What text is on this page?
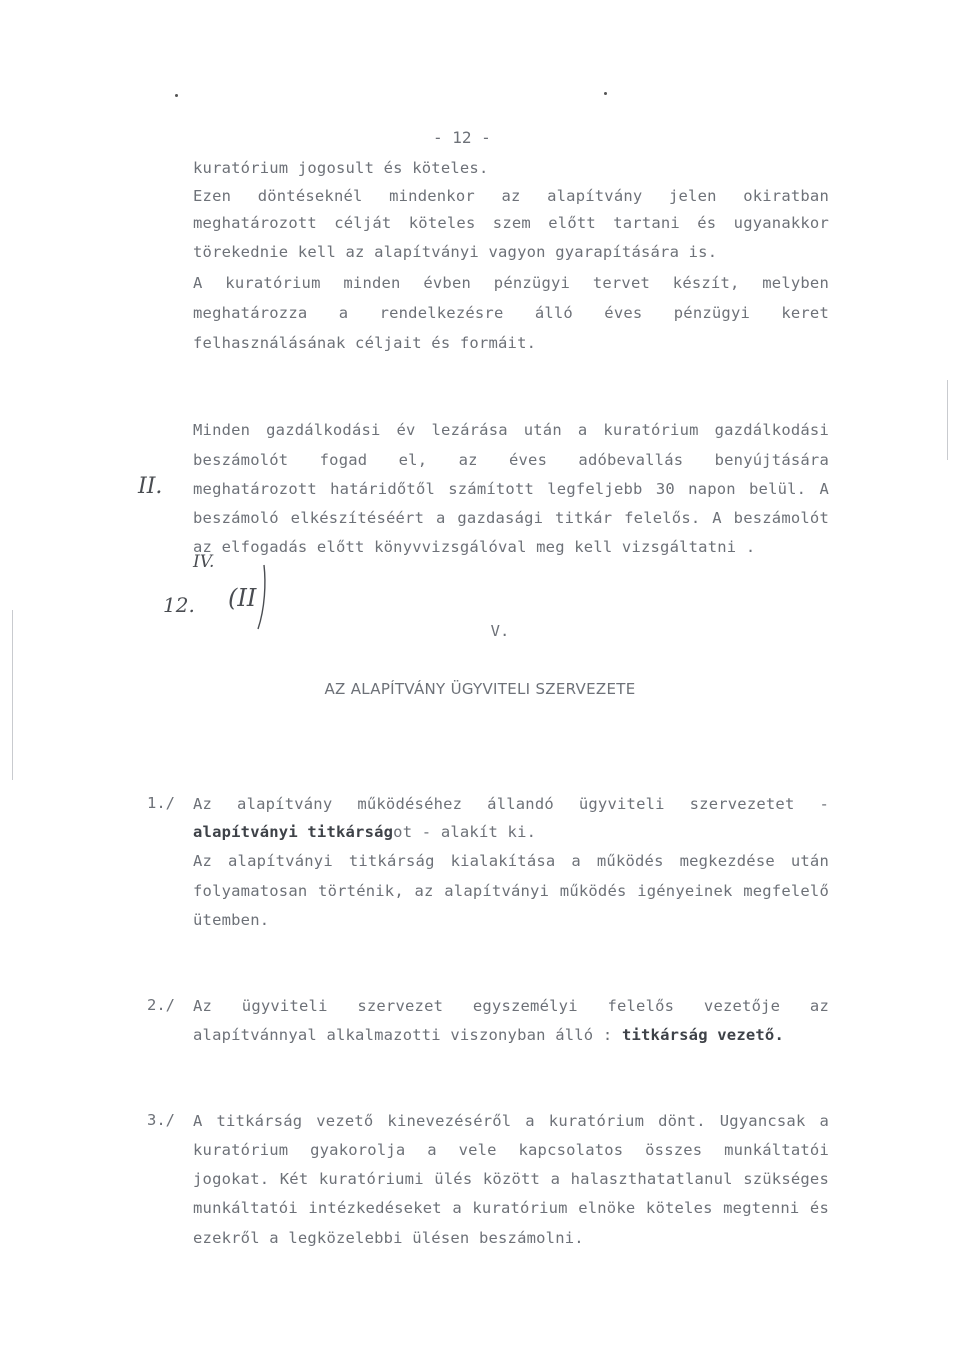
- 12 -
kuratórium jogosult és köteles.
Ezen döntéseknél mindenkor az alapítvány jelen okiratban
meghatározott célját köteles szem előtt tartani és ugyanakkor
törekednie kell az alapítványi vagyon gyarapítására is.
A kuratórium minden évben pénzügyi tervet készít, melyben
meghatározza a rendelkezésre álló éves pénzügyi keret
felhasználásának céljait és formáit.
Minden gazdálkodási év lezárása után a kuratórium gazdálkodási
beszámolót fogad el, az éves adóbevallás benyújtására
meghatározott határidőtől számított legfeljebb 30 napon belül. A
beszámoló elkészítéséért a gazdasági titkár felelős. A beszámolót
az elfogadás előtt könyvvizsgálóval meg kell vizsgáltatni .
II.
IV.
12. (II
V.
AZ ALAPÍTVÁNY ÜGYVITELI SZERVEZETE
1./ Az alapítvány működéséhez állandó ügyviteli szervezetet -
alapítványi titkárságot - alakít ki.
Az alapítványi titkárság kialakítása a működés megkezdése után
folyamatosan történik, az alapítványi működés igényeinek megfelelő
ütemben.
2./ Az ügyviteli szervezet egyszemélyi felelős vezetője az
alapítvánnyal alkalmazotti viszonyban álló : titkárság vezető.
3./ A titkárság vezető kinevezéséről a kuratórium dönt. Ugyancsak a
kuratórium gyakorolja a vele kapcsolatos összes munkáltatói
jogokat. Két kuratóriumi ülés között a halaszthatatlanul szükséges
munkáltatói intézkedéseket a kuratórium elnöke köteles megtenni és
ezekről a legközelebbi ülésen beszámolni.
